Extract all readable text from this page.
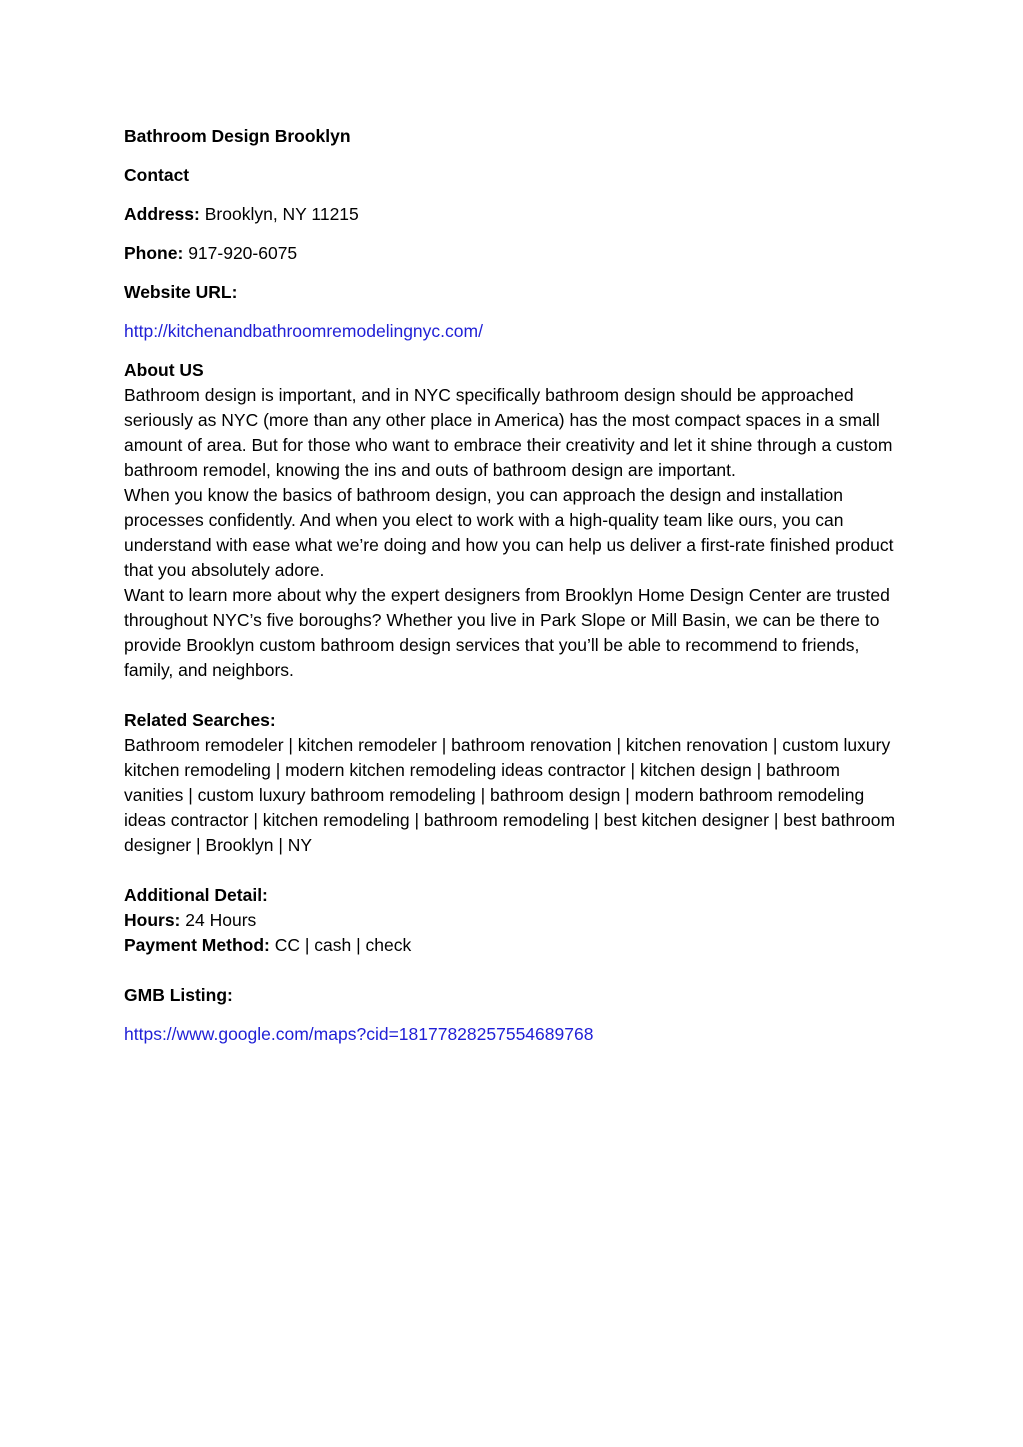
Bathroom Design Brooklyn
Contact
Address: Brooklyn, NY 11215
Phone: 917-920-6075
Website URL:
http://kitchenandbathroomremodelingnyc.com/
About US

Bathroom design is important, and in NYC specifically bathroom design should be approached seriously as NYC (more than any other place in America) has the most compact spaces in a small amount of area. But for those who want to embrace their creativity and let it shine through a custom bathroom remodel, knowing the ins and outs of bathroom design are important.

When you know the basics of bathroom design, you can approach the design and installation processes confidently. And when you elect to work with a high-quality team like ours, you can understand with ease what we’re doing and how you can help us deliver a first-rate finished product that you absolutely adore.

Want to learn more about why the expert designers from Brooklyn Home Design Center are trusted throughout NYC’s five boroughs? Whether you live in Park Slope or Mill Basin, we can be there to provide Brooklyn custom bathroom design services that you’ll be able to recommend to friends, family, and neighbors.

Related Searches:
Bathroom remodeler | kitchen remodeler | bathroom renovation | kitchen renovation | custom luxury kitchen remodeling | modern kitchen remodeling ideas contractor | kitchen design | bathroom vanities | custom luxury bathroom remodeling | bathroom design | modern bathroom remodeling ideas contractor | kitchen remodeling | bathroom remodeling | best kitchen designer | best bathroom designer | Brooklyn | NY
Additional Detail:
Hours: 24 Hours
Payment Method: CC | cash | check
GMB Listing:
https://www.google.com/maps?cid=18177828257554689768
